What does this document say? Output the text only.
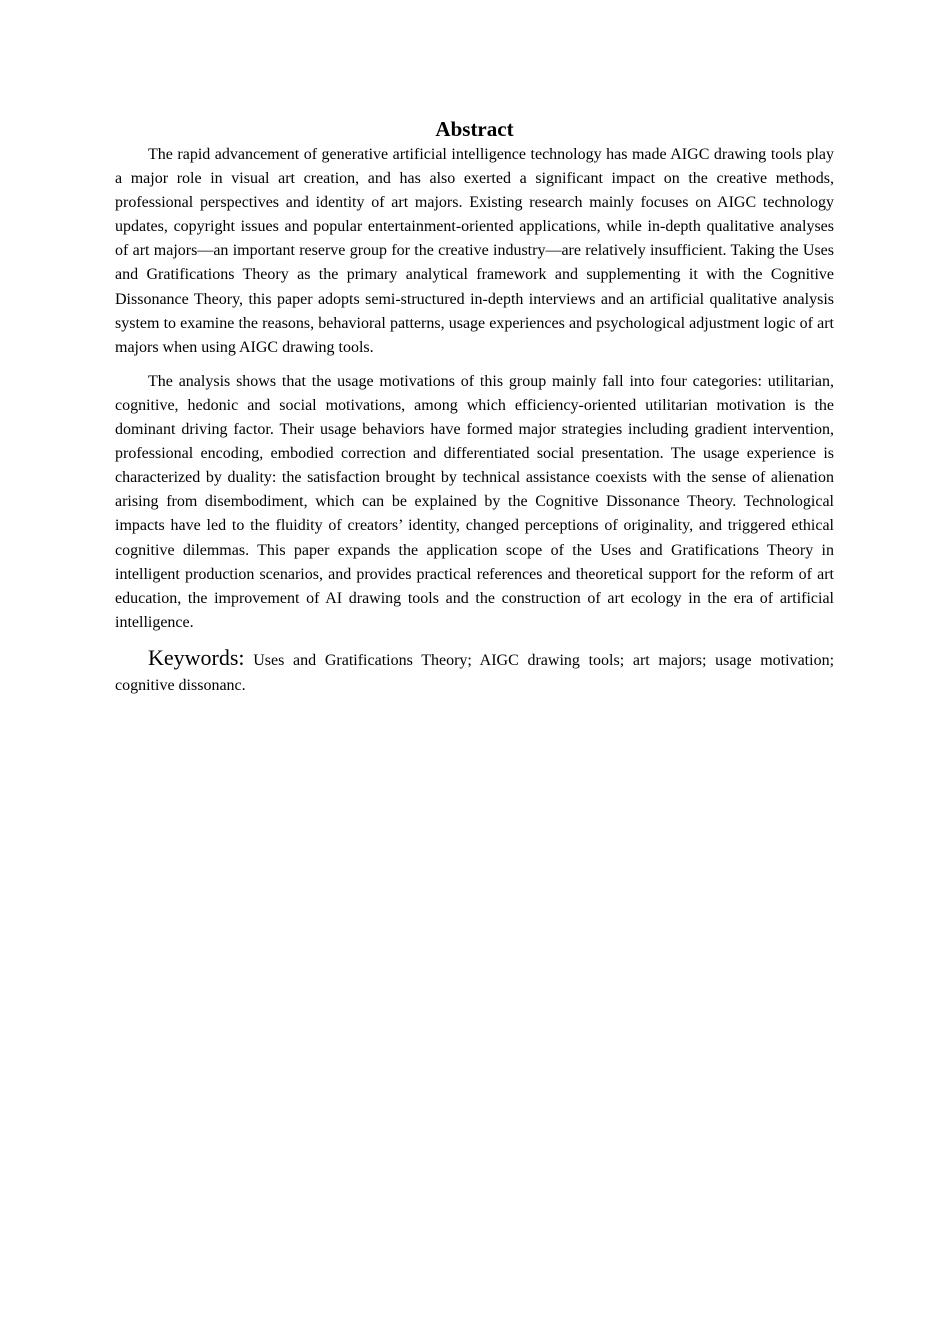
Abstract

The rapid advancement of generative artificial intelligence technology has made AIGC drawing tools play a major role in visual art creation, and has also exerted a significant impact on the creative methods, professional perspectives and identity of art majors. Existing research mainly focuses on AIGC technology updates, copyright issues and popular entertainment-oriented applications, while in-depth qualitative analyses of art majors—an important reserve group for the creative industry—are relatively insufficient. Taking the Uses and Gratifications Theory as the primary analytical framework and supplementing it with the Cognitive Dissonance Theory, this paper adopts semi-structured in-depth interviews and an artificial qualitative analysis system to examine the reasons, behavioral patterns, usage experiences and psychological adjustment logic of art majors when using AIGC drawing tools.

The analysis shows that the usage motivations of this group mainly fall into four categories: utilitarian, cognitive, hedonic and social motivations, among which efficiency-oriented utilitarian motivation is the dominant driving factor. Their usage behaviors have formed major strategies including gradient intervention, professional encoding, embodied correction and differentiated social presentation. The usage experience is characterized by duality: the satisfaction brought by technical assistance coexists with the sense of alienation arising from disembodiment, which can be explained by the Cognitive Dissonance Theory. Technological impacts have led to the fluidity of creators’ identity, changed perceptions of originality, and triggered ethical cognitive dilemmas. This paper expands the application scope of the Uses and Gratifications Theory in intelligent production scenarios, and provides practical references and theoretical support for the reform of art education, the improvement of AI drawing tools and the construction of art ecology in the era of artificial intelligence.

Keywords: Uses and Gratifications Theory; AIGC drawing tools; art majors; usage motivation; cognitive dissonanc.
